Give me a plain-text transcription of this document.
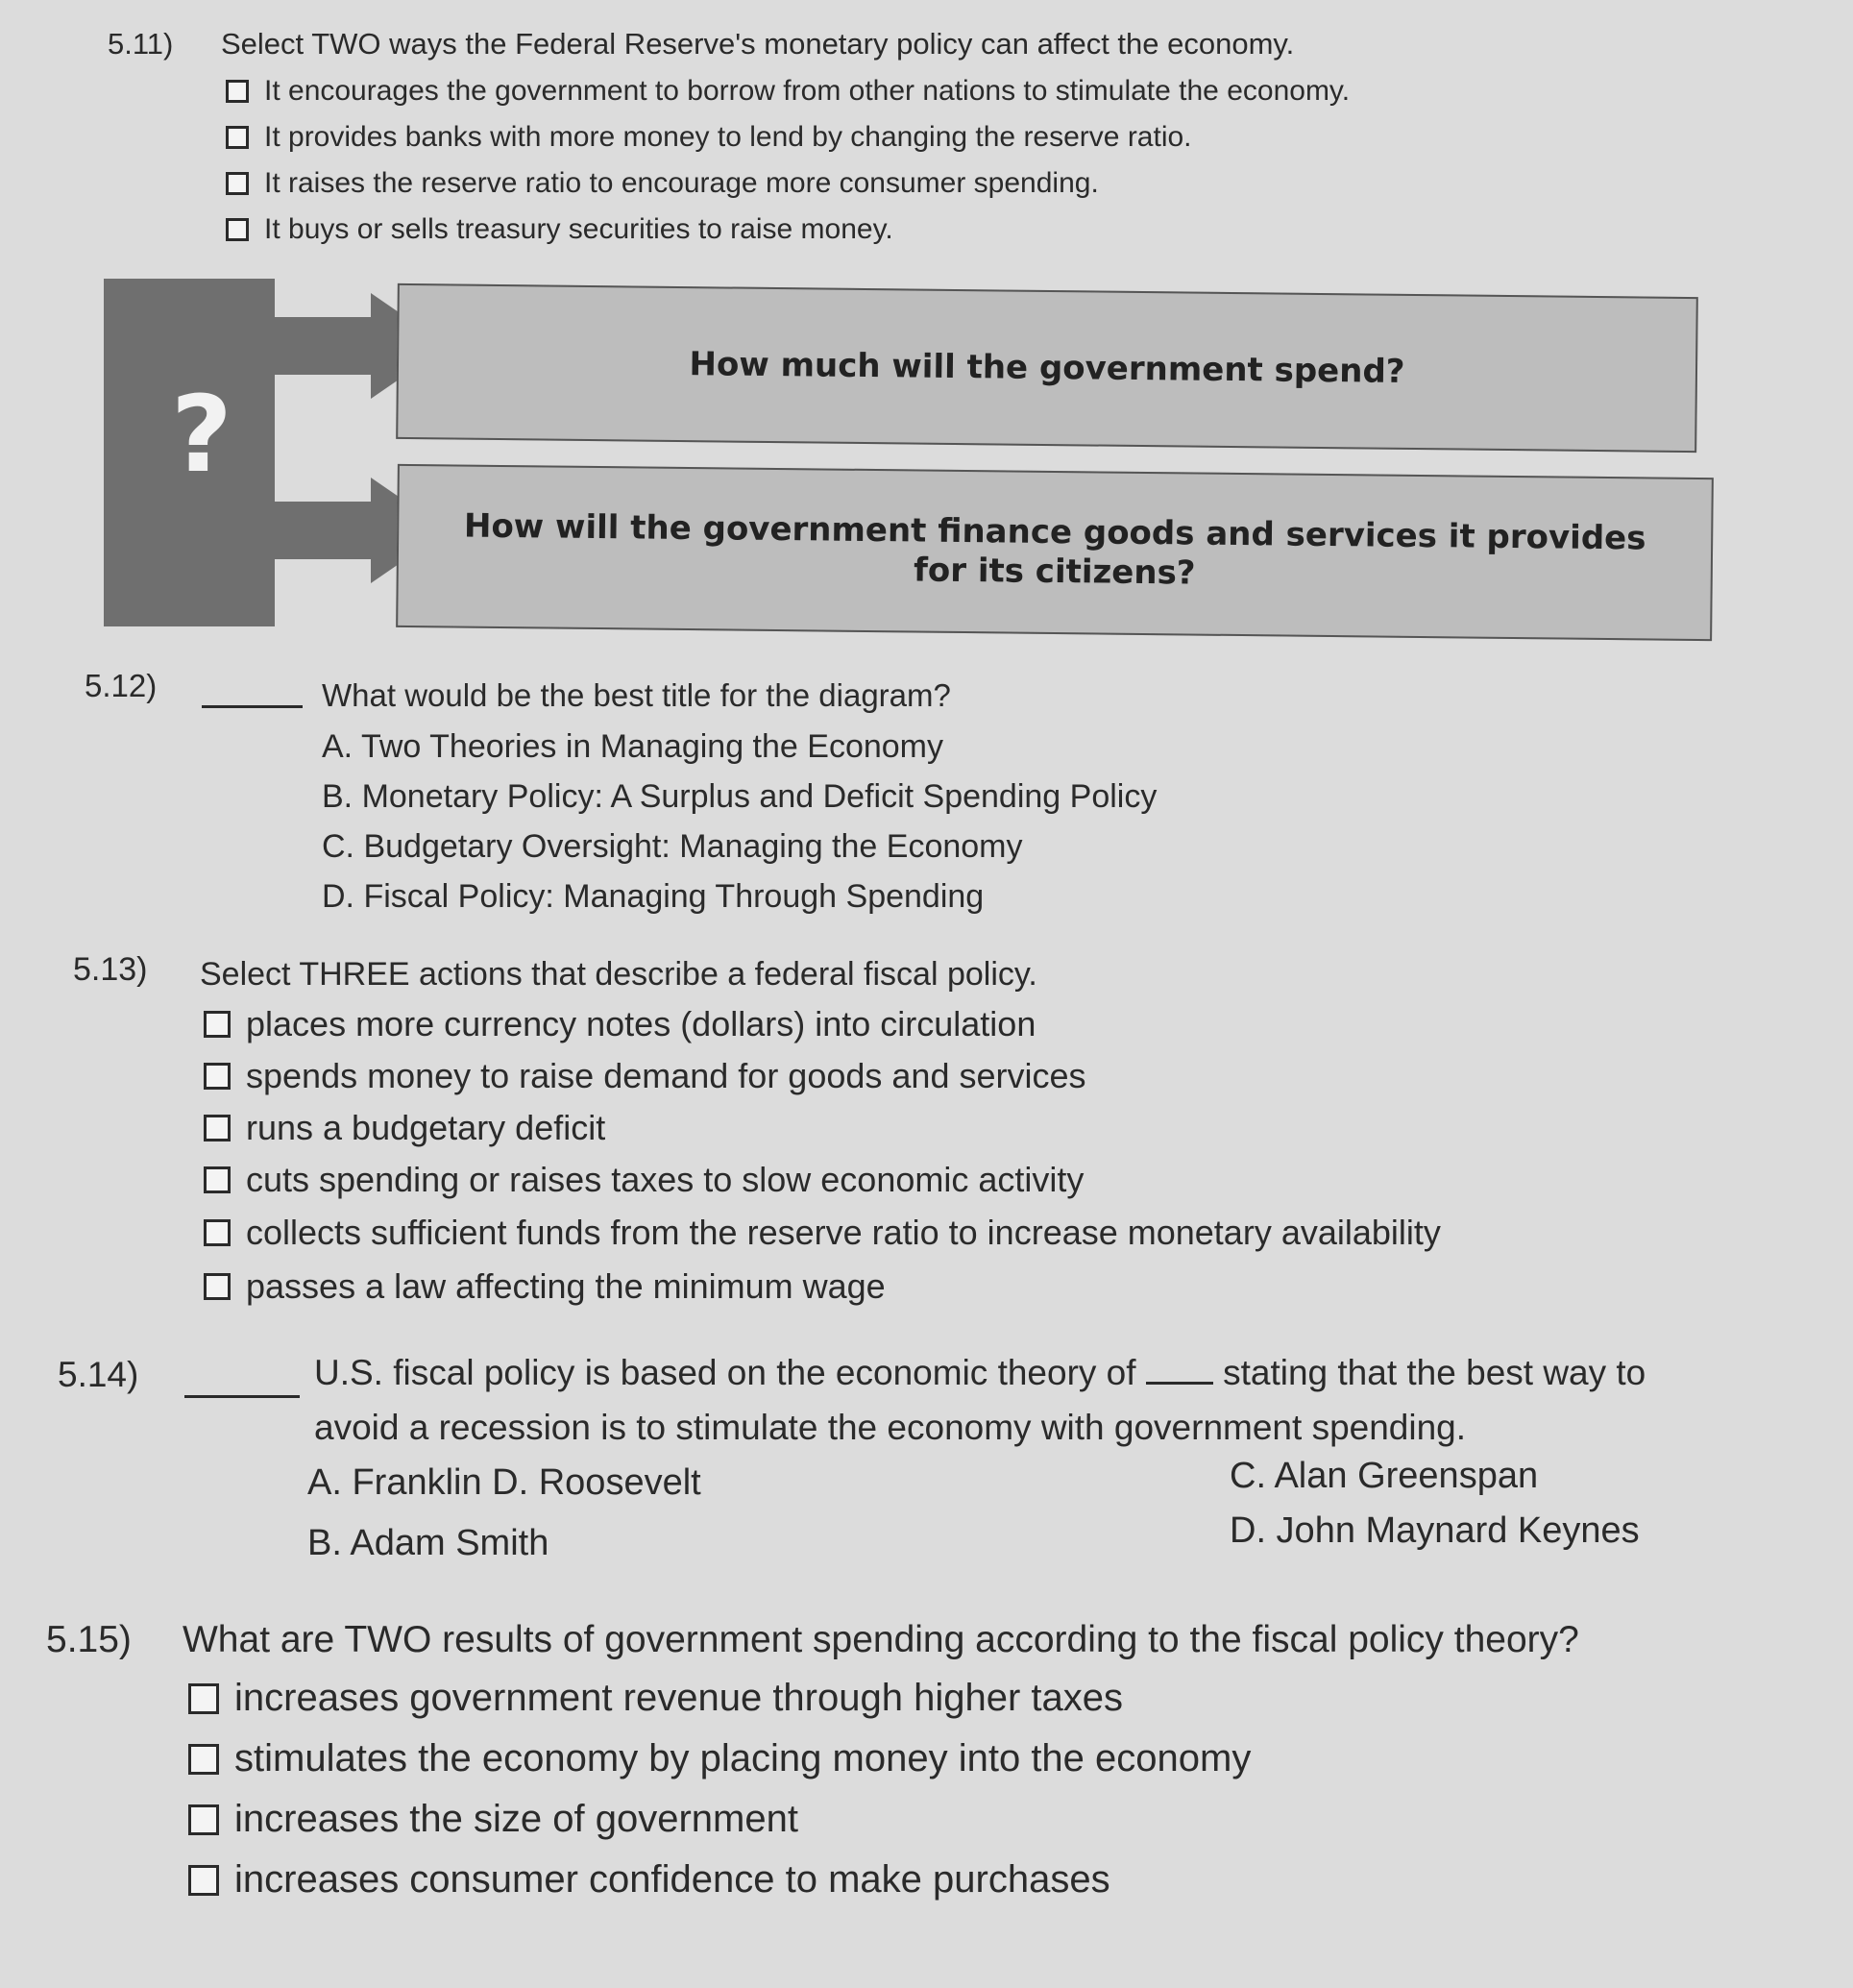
5.11) Select TWO ways the Federal Reserve's monetary policy can affect the economy.
It encourages the government to borrow from other nations to stimulate the economy.
It provides banks with more money to lend by changing the reserve ratio.
It raises the reserve ratio to encourage more consumer spending.
It buys or sells treasury securities to raise money.
?
How much will the government spend?
How will the government finance goods and services it provides for its citizens?
5.12)	What would be the best title for the diagram?
A. Two Theories in Managing the Economy
B. Monetary Policy: A Surplus and Deficit Spending Policy
C. Budgetary Oversight: Managing the Economy
D. Fiscal Policy: Managing Through Spending
5.13) Select THREE actions that describe a federal fiscal policy.
places more currency notes (dollars) into circulation
spends money to raise demand for goods and services
runs a budgetary deficit
cuts spending or raises taxes to slow economic activity
collects sufficient funds from the reserve ratio to increase monetary availability
passes a law affecting the minimum wage
5.14)	U.S. fiscal policy is based on the economic theory of stating that the best way to
avoid a recession is to stimulate the economy with government spending.
A. Franklin D. Roosevelt
B. Adam Smith
C. Alan Greenspan
D. John Maynard Keynes
5.15) What are TWO results of government spending according to the fiscal policy theory?
increases government revenue through higher taxes
stimulates the economy by placing money into the economy
increases the size of government
increases consumer confidence to make purchases
